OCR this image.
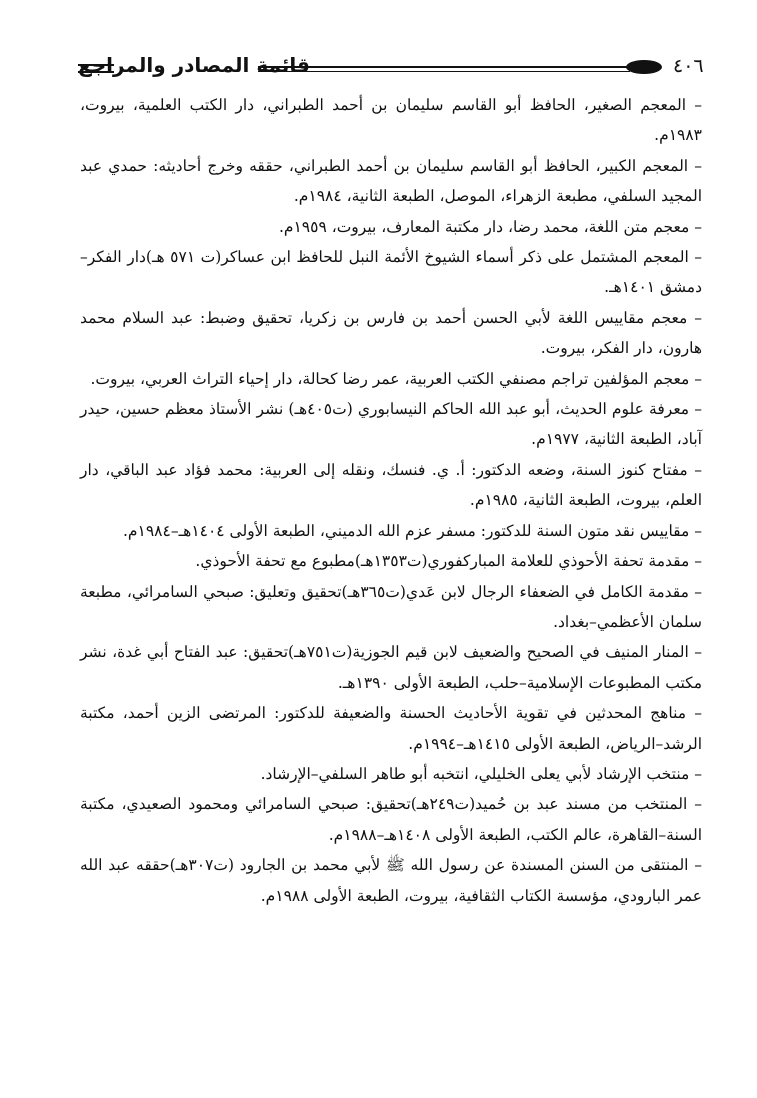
قائمة المصادر والمراجع	٤٠٦

– المعجم الصغير، الحافظ أبو القاسم سليمان بن أحمد الطبراني، دار الكتب العلمية، بيروت، ١٩٨٣م.

– المعجم الكبير، الحافظ أبو القاسم سليمان بن أحمد الطبراني، حققه وخرج أحاديثه: حمدي عبد المجيد السلفي، مطبعة الزهراء، الموصل، الطبعة الثانية، ١٩٨٤م.

– معجم متن اللغة، محمد رضا، دار مكتبة المعارف، بيروت، ١٩٥٩م.

– المعجم المشتمل على ذكر أسماء الشيوخ الأئمة النبل للحافظ ابن عساكر(ت ٥٧١ هـ)دار الفكر–دمشق ١٤٠١هـ.

– معجم مقاييس اللغة لأبي الحسن أحمد بن فارس بن زكريا، تحقيق وضبط: عبد السلام محمد هارون، دار الفكر، بيروت.

– معجم المؤلفين تراجم مصنفي الكتب العربية، عمر رضا كحالة، دار إحياء التراث العربي، بيروت.

– معرفة علوم الحديث، أبو عبد الله الحاكم النيسابوري (ت٤٠٥هـ) نشر الأستاذ معظم حسين، حيدر آباد، الطبعة الثانية، ١٩٧٧م.

– مفتاح كنوز السنة، وضعه الدكتور: أ. ي. فنسك، ونقله إلى العربية: محمد فؤاد عبد الباقي، دار العلم، بيروت، الطبعة الثانية، ١٩٨٥م.

– مقاييس نقد متون السنة للدكتور: مسفر عزم الله الدميني، الطبعة الأولى ١٤٠٤هـ–١٩٨٤م.

– مقدمة تحفة الأحوذي للعلامة المباركفوري(ت١٣٥٣هـ)مطبوع مع تحفة الأحوذي.

– مقدمة الكامل في الضعفاء الرجال لابن عَدي(ت٣٦٥هـ)تحقيق وتعليق: صبحي السامرائي، مطبعة سلمان الأعظمي–بغداد.

– المنار المنيف في الصحيح والضعيف لابن قيم الجوزية(ت٧٥١هـ)تحقيق: عبد الفتاح أبي غدة، نشر مكتب المطبوعات الإسلامية–حلب، الطبعة الأولى ١٣٩٠هـ.

– مناهج المحدثين في تقوية الأحاديث الحسنة والضعيفة للدكتور: المرتضى الزين أحمد، مكتبة الرشد–الرياض، الطبعة الأولى ١٤١٥هـ–١٩٩٤م.

– منتخب الإرشاد لأبي يعلى الخليلي، انتخبه أبو طاهر السلفي–الإرشاد.

– المنتخب من مسند عبد بن حُميد(ت٢٤٩هـ)تحقيق: صبحي السامرائي ومحمود الصعيدي، مكتبة السنة–القاهرة، عالم الكتب، الطبعة الأولى ١٤٠٨هـ–١٩٨٨م.

– المنتقى من السنن المسندة عن رسول الله ﷺ لأبي محمد بن الجارود (ت٣٠٧هـ)حققه عبد الله عمر البارودي، مؤسسة الكتاب الثقافية، بيروت، الطبعة الأولى ١٩٨٨م.
